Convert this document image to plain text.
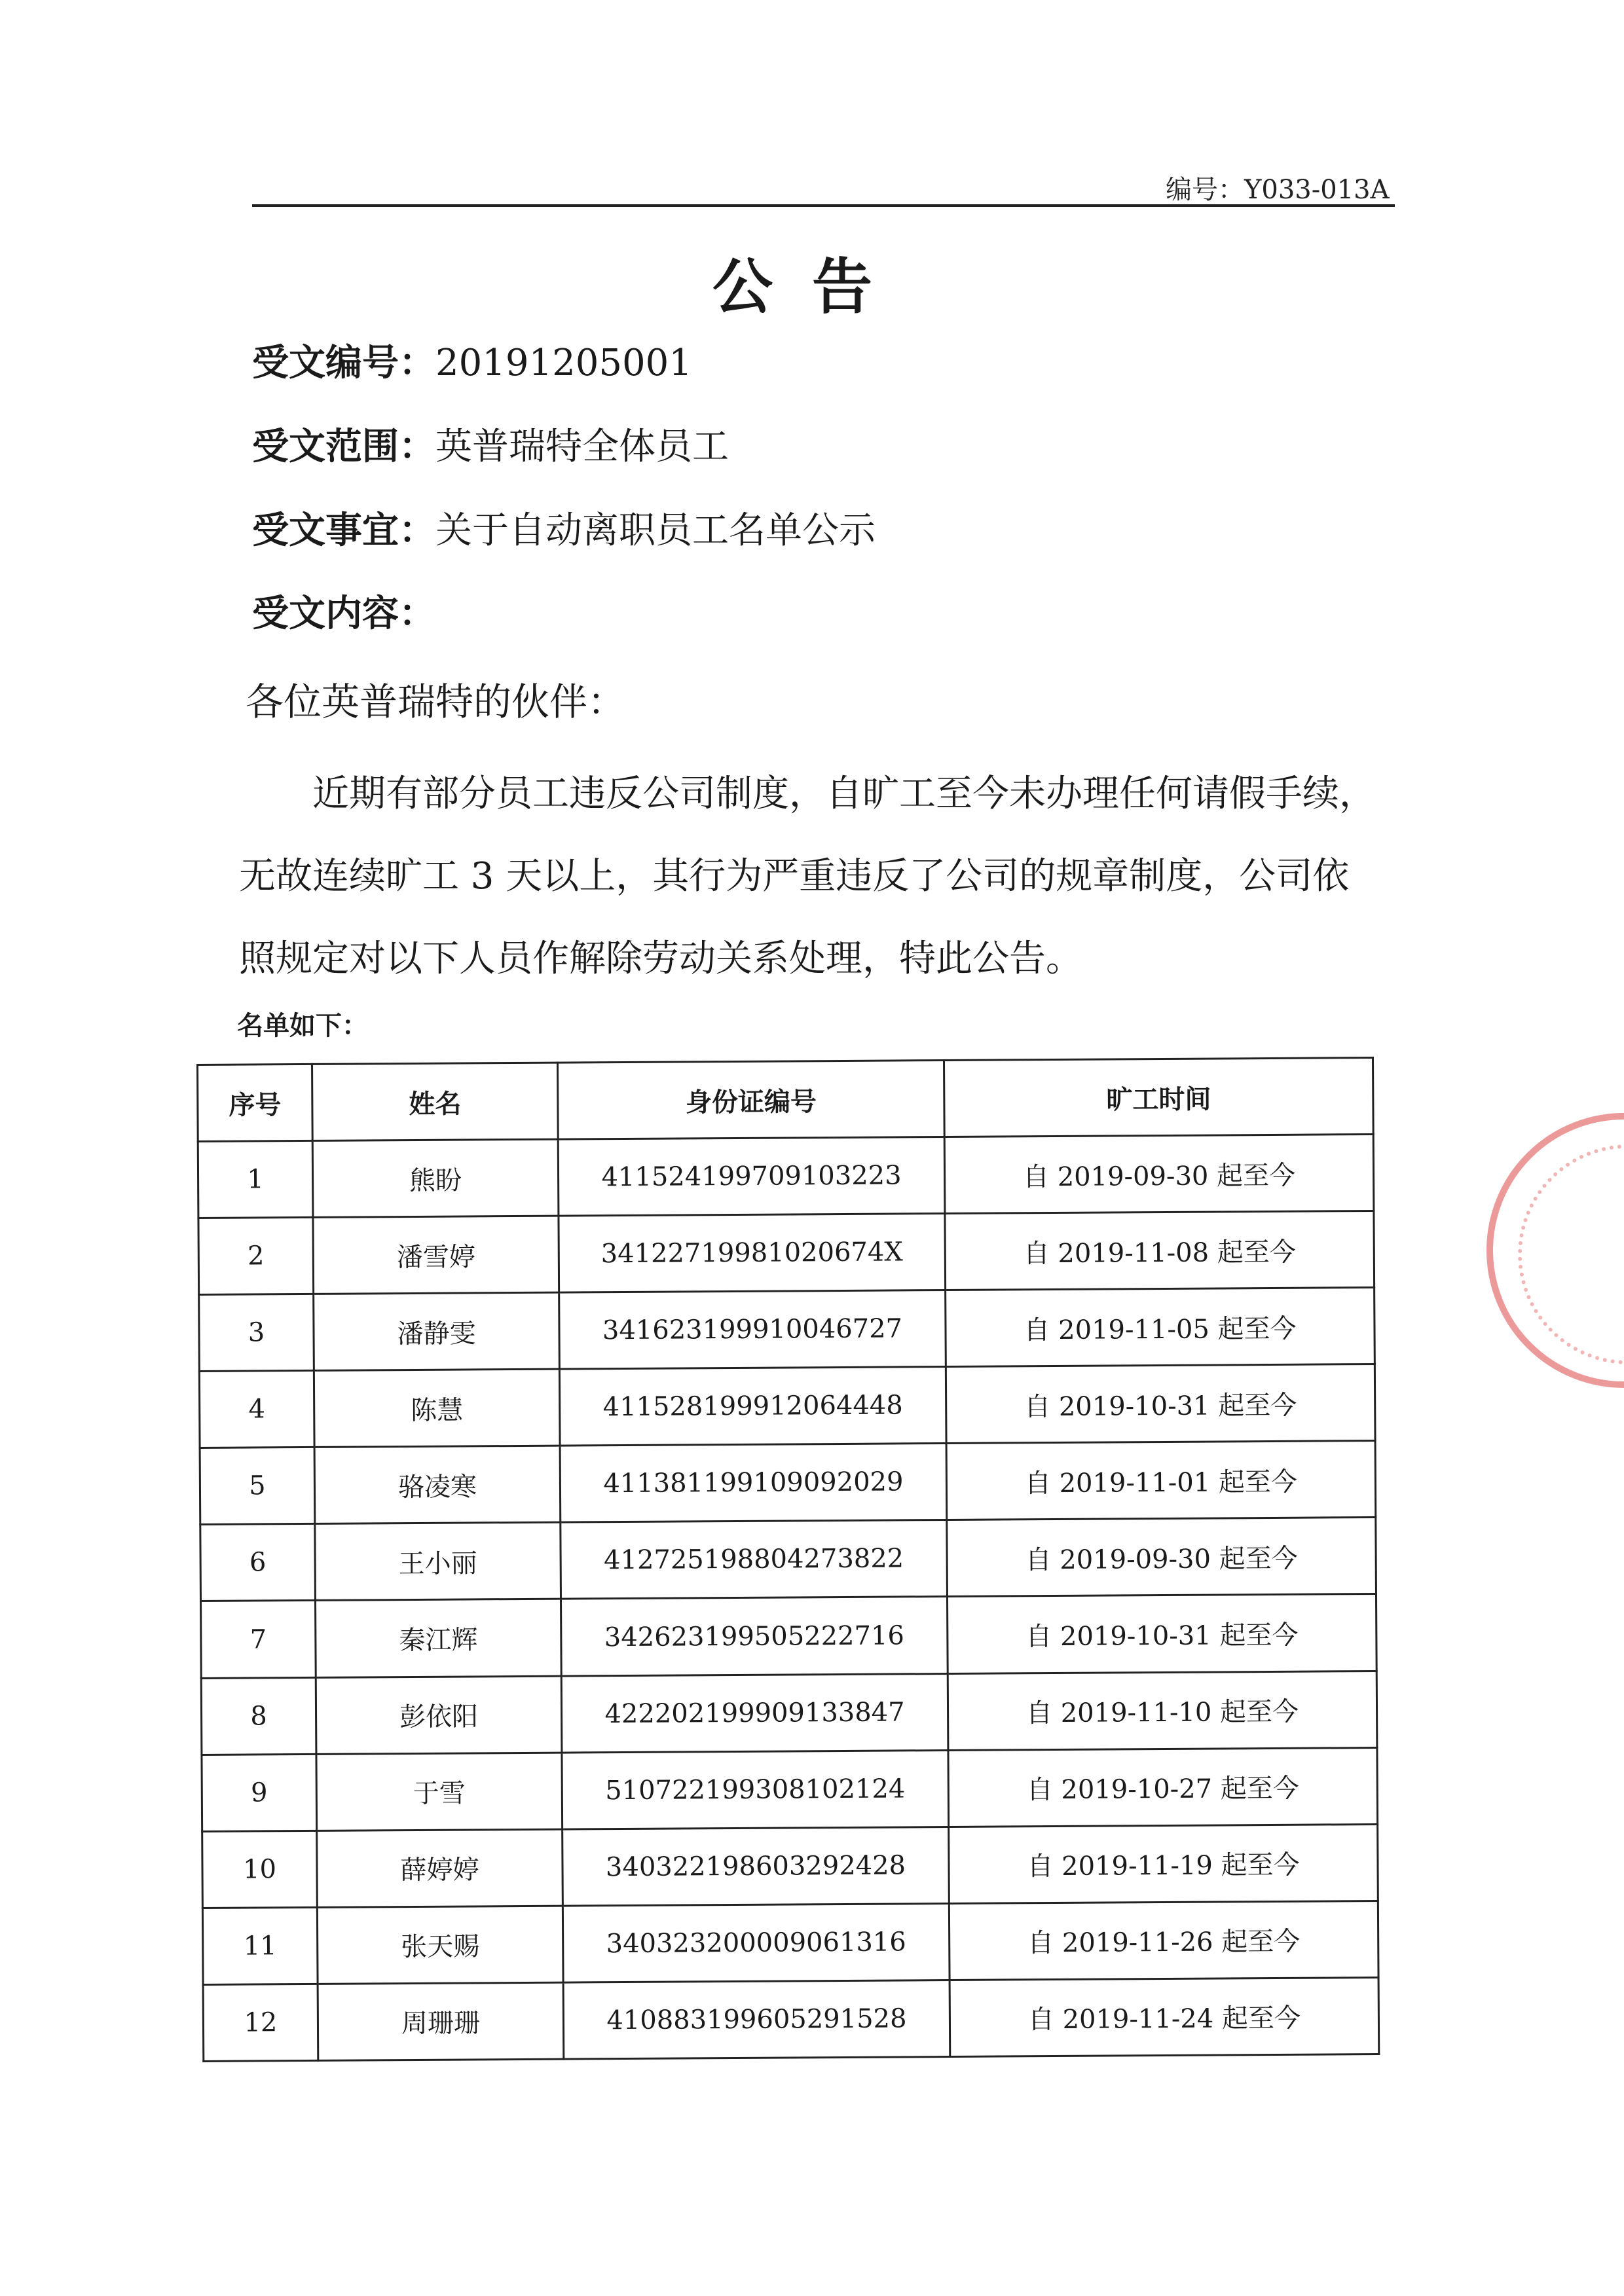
编号：Y033-013A
公告
受文编号：20191205001
受文范围：英普瑞特全体员工
受文事宜：关于自动离职员工名单公示
受文内容：
各位英普瑞特的伙伴：
近期有部分员工违反公司制度，自旷工至今未办理任何请假手续，无故连续旷工 3 天以上，其行为严重违反了公司的规章制度，公司依照规定对以下人员作解除劳动关系处理，特此公告。
名单如下：
序号	姓名	身份证编号	旷工时间
1	熊盼	411524199709103223	自 2019-09-30 起至今
2	潘雪婷	34122719981020674X	自 2019-11-08 起至今
3	潘静雯	341623199910046727	自 2019-11-05 起至今
4	陈慧	411528199912064448	自 2019-10-31 起至今
5	骆凌寒	411381199109092029	自 2019-11-01 起至今
6	王小丽	412725198804273822	自 2019-09-30 起至今
7	秦江辉	342623199505222716	自 2019-10-31 起至今
8	彭依阳	422202199909133847	自 2019-11-10 起至今
9	于雪	510722199308102124	自 2019-10-27 起至今
10	薛婷婷	340322198603292428	自 2019-11-19 起至今
11	张天赐	340323200009061316	自 2019-11-26 起至今
12	周珊珊	410883199605291528	自 2019-11-24 起至今
